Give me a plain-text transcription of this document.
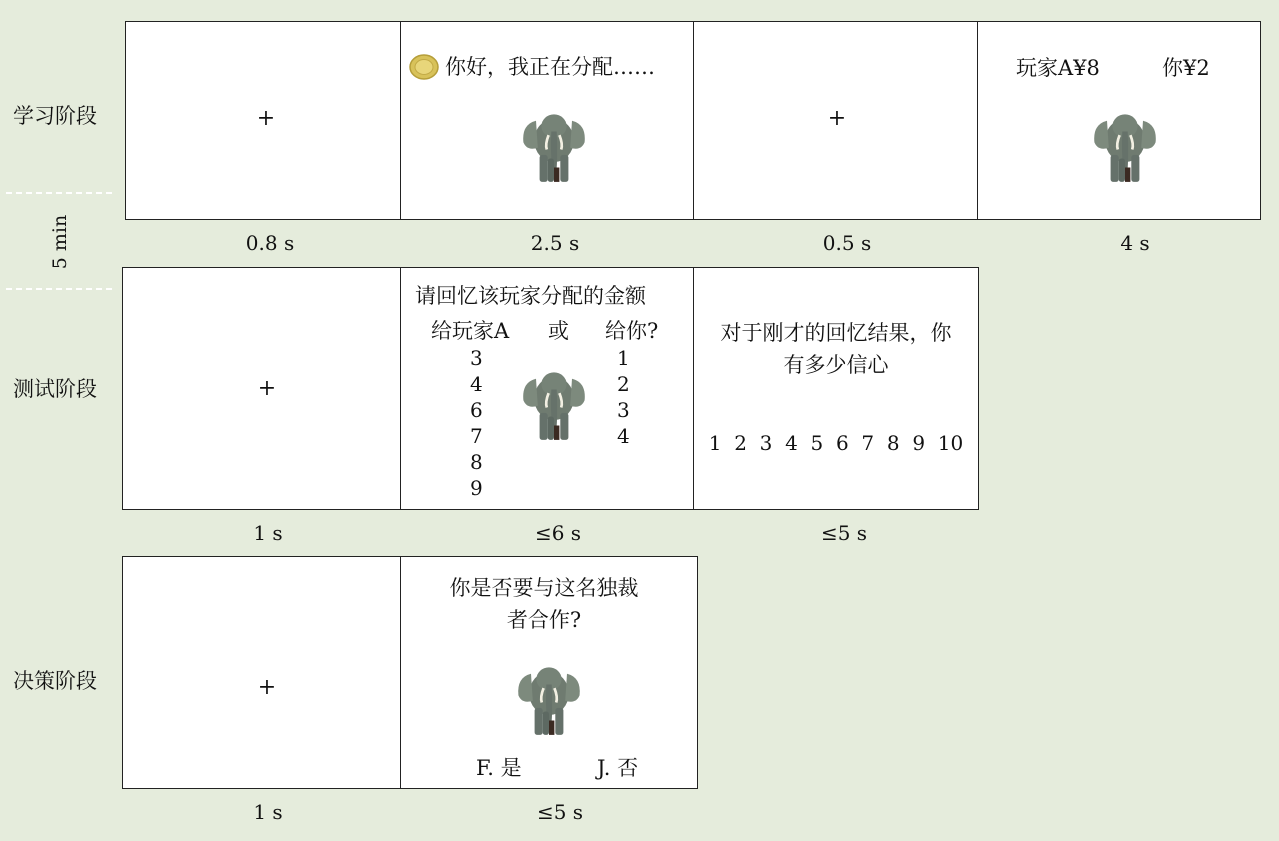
学习阶段
5 min
测试阶段
决策阶段
+
你好，我正在分配……
+
玩家A¥8	你¥2
0.8 s	2.5 s	0.5 s	4 s
+
请回忆该玩家分配的金额
给玩家A 或 给你?
3
4
6
7
8
9
1
2
3
4
对于刚才的回忆结果，你
有多少信心
1  2  3  4  5  6  7  8  9  10
1 s	≤6 s	≤5 s
+
你是否要与这名独裁
者合作?
F. 是	J. 否
1 s	≤5 s
